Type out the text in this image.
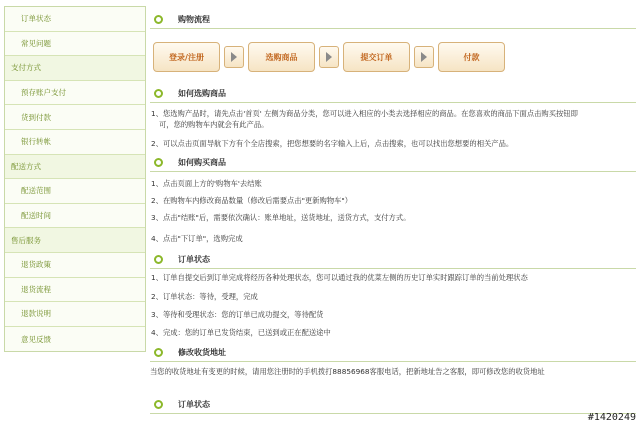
订单状态
常见问题
支付方式
预存账户支付
货到付款
银行转帐
配送方式
配送范围
配送时间
售后服务
退货政策
退货流程
退款说明
意见反馈
购物流程
登录/注册	选购商品	提交订单	付款
如何选购商品
1、您选购产品时，请先点击'首页' 左侧为商品分类，您可以进入相应的小类去选择相应的商品。在您喜欢的商品下面点击购买按钮即
可，您的购物车内就会有此产品。
2、可以点击页面导航下方有个全店搜索，把您想要的名字输入上后，点击搜索，也可以找出您想要的相关产品。
如何购买商品
1、点击页面上方的'购物车'去结账
2、在购物车内修改商品数量（修改后需要点击"更新购物车"）
3、点击"结账"后，需要依次确认：账单地址，送货地址，送货方式，支付方式。
4、点击"下订单"，选购完成
订单状态
1、订单自提交后到订单完成将经历各种处理状态，您可以通过我的优菜左侧的历史订单实时跟踪订单的当前处理状态
2、订单状态：等待，受理，完成
3、等待和受理状态：您的订单已成功提交，等待配货
4、完成：您的订单已发货结束，已送到或正在配送途中
修改收货地址
当您的收货地址有变更的时候，请用您注册时的手机拨打88856968客服电话，把新地址告之客服，即可修改您的收货地址
订单状态
#1420249
